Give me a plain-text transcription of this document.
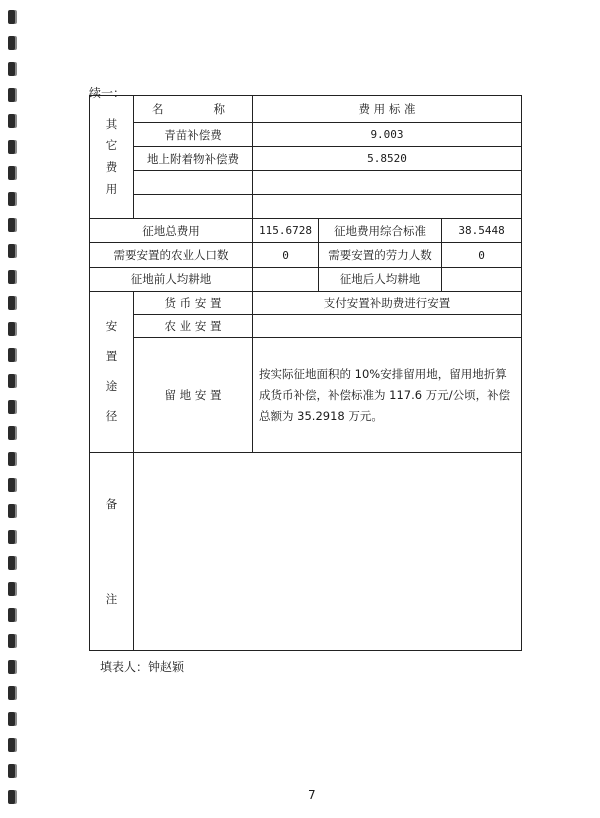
续一：
其
它
费
用	名　　称	费 用 标 准		
	青苗补偿费	9.003		
	地上附着物补偿费	5.8520		

征地总费用		115.6728	征地费用综合标准	38.5448
需要安置的农业人口数		0	需要安置的劳力人数	0
征地前人均耕地			征地后人均耕地	

安
置
途
径	货 币 安 置	支付安置补助费进行安置		
	农 业 安 置			
	留 地 安 置	按实际征地面积的 10%安排留用地，留用地折算成货币补偿，补偿标准为 117.6 万元/公顷，补偿总额为 35.2918 万元。		

备
注				

填表人：钟赵颖
7
